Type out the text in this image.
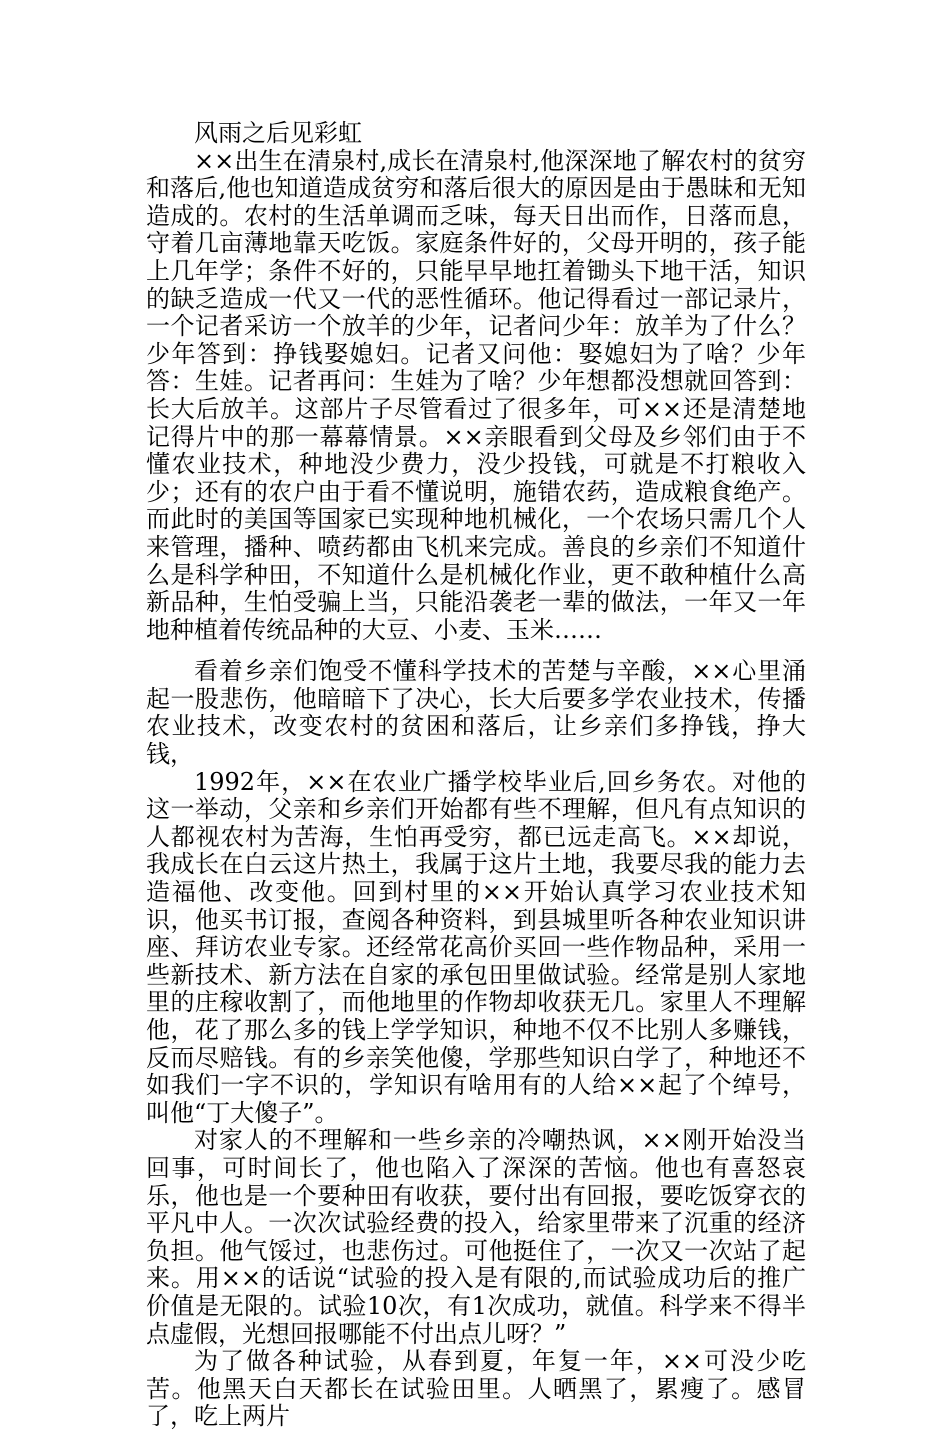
风雨之后见彩虹

××出生在清泉村,成长在清泉村,他深深地了解农村的贫穷和落后,他也知道造成贫穷和落后很大的原因是由于愚昧和无知造成的。农村的生活单调而乏味，每天日出而作，日落而息，守着几亩薄地靠天吃饭。家庭条件好的，父母开明的，孩子能上几年学；条件不好的，只能早早地扛着锄头下地干活，知识的缺乏造成一代又一代的恶性循环。他记得看过一部记录片，一个记者采访一个放羊的少年，记者问少年：放羊为了什么？少年答到：挣钱娶媳妇。记者又问他：娶媳妇为了啥？少年答：生娃。记者再问：生娃为了啥？少年想都没想就回答到：长大后放羊。这部片子尽管看过了很多年，可××还是清楚地记得片中的那一幕幕情景。××亲眼看到父母及乡邻们由于不懂农业技术，种地没少费力，没少投钱，可就是不打粮收入少；还有的农户由于看不懂说明，施错农药，造成粮食绝产。而此时的美国等国家已实现种地机械化，一个农场只需几个人来管理，播种、喷药都由飞机来完成。善良的乡亲们不知道什么是科学种田，不知道什么是机械化作业，更不敢种植什么高新品种，生怕受骗上当，只能沿袭老一辈的做法，一年又一年地种植着传统品种的大豆、小麦、玉米……

看着乡亲们饱受不懂科学技术的苦楚与辛酸，××心里涌起一股悲伤，他暗暗下了决心，长大后要多学农业技术，传播农业技术，改变农村的贫困和落后，让乡亲们多挣钱，挣大钱，

1992年，××在农业广播学校毕业后,回乡务农。对他的这一举动，父亲和乡亲们开始都有些不理解，但凡有点知识的人都视农村为苦海，生怕再受穷，都已远走高飞。××却说，我成长在白云这片热土，我属于这片土地，我要尽我的能力去造福他、改变他。回到村里的××开始认真学习农业技术知识，他买书订报，查阅各种资料，到县城里听各种农业知识讲座、拜访农业专家。还经常花高价买回一些作物品种，采用一些新技术、新方法在自家的承包田里做试验。经常是别人家地里的庄稼收割了，而他地里的作物却收获无几。家里人不理解他，花了那么多的钱上学学知识，种地不仅不比别人多赚钱，反而尽赔钱。有的乡亲笑他傻，学那些知识白学了，种地还不如我们一字不识的，学知识有啥用有的人给××起了个绰号，叫他“丁大傻子”。

对家人的不理解和一些乡亲的冷嘲热讽，××刚开始没当回事，可时间长了，他也陷入了深深的苦恼。他也有喜怒哀乐，他也是一个要种田有收获，要付出有回报，要吃饭穿衣的平凡中人。一次次试验经费的投入，给家里带来了沉重的经济负担。他气馁过，也悲伤过。可他挺住了，一次又一次站了起来。用××的话说“试验的投入是有限的,而试验成功后的推广价值是无限的。试验10次，有1次成功，就值。科学来不得半点虚假，光想回报哪能不付出点儿呀？”

为了做各种试验，从春到夏，年复一年，××可没少吃苦。他黑天白天都长在试验田里。人晒黑了，累瘦了。感冒了，吃上两片
